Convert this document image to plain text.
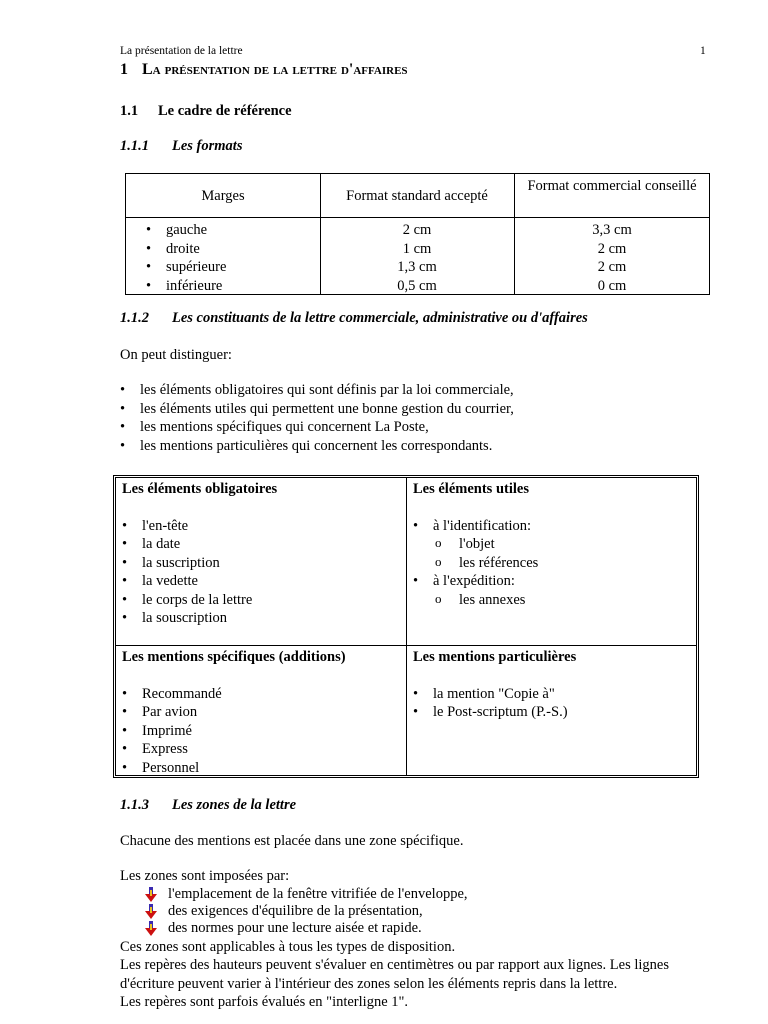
La présentation de la lettre	1
1 La présentation de la lettre d'affaires
1.1 Le cadre de référence
1.1.1 Les formats
Marges	Format standard accepté
Format commercial conseillé
• gauche
• droite
• supérieure
• inférieure
2 cm
1 cm
1,3 cm
0,5 cm
3,3 cm
2 cm
2 cm
0 cm
1.1.2 Les constituants de la lettre commerciale, administrative ou d'affaires

On peut distinguer:

• les éléments obligatoires qui sont définis par la loi commerciale,
• les éléments utiles qui permettent une bonne gestion du courrier,
• les mentions spécifiques qui concernent La Poste,
• les mentions particulières qui concernent les correspondants.
Les éléments obligatoires
• l'en-tête
• la date
• la suscription
• la vedette
• le corps de la lettre
• la souscription
Les éléments utiles
• à l'identification:
o l'objet
o les références
• à l'expédition:
o les annexes
Les mentions spécifiques (additions)
• Recommandé
• Par avion
• Imprimé
• Express
• Personnel
Les mentions particulières
• la mention "Copie à"
• le Post-scriptum (P.-S.)
1.1.3 Les zones de la lettre

Chacune des mentions est placée dans une zone spécifique.

Les zones sont imposées par:

l'emplacement de la fenêtre vitrifiée de l'enveloppe,
des exigences d'équilibre de la présentation,
des normes pour une lecture aisée et rapide.

Ces zones sont applicables à tous les types de disposition.

Les repères des hauteurs peuvent s'évaluer en centimètres ou par rapport aux lignes. Les lignes d'écriture peuvent varier à l'intérieur des zones selon les éléments repris dans la lettre.

Les repères sont parfois évalués en "interligne 1".
